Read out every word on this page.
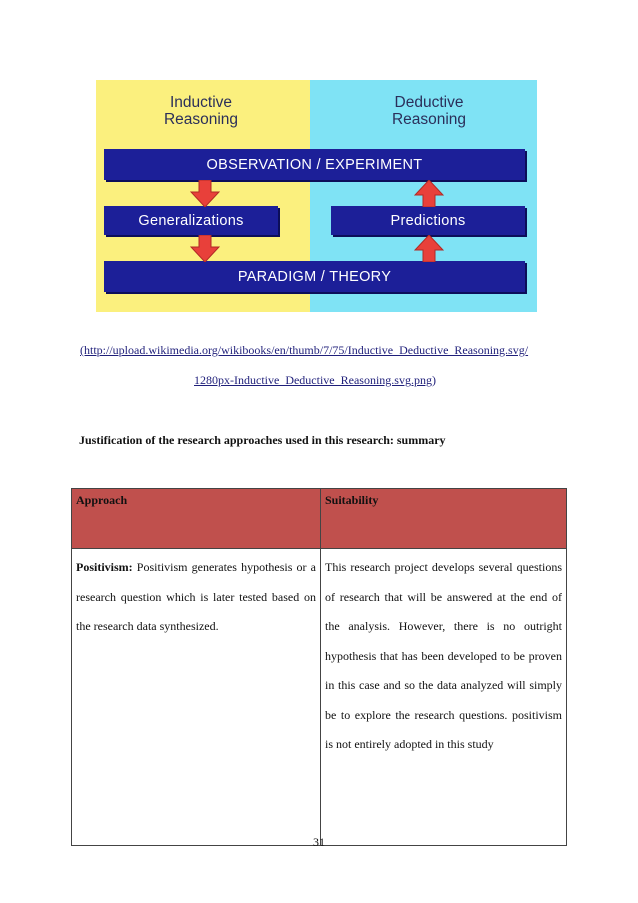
Inductive
Reasoning
Deductive
Reasoning
OBSERVATION / EXPERIMENT
Generalizations	Predictions
PARADIGM / THEORY
(http://upload.wikimedia.org/wikibooks/en/thumb/7/75/Inductive_Deductive_Reasoning.svg/
1280px-Inductive_Deductive_Reasoning.svg.png)
Justification of the research approaches used in this research: summary
Approach	Suitability
Positivism: Positivism generates hypothesis or a research question which is later tested based on the research data synthesized.	This research project develops several questions of research that will be answered at the end of the analysis. However, there is no outright hypothesis that has been developed to be proven in this case and so the data analyzed will simply be to explore the research questions. positivism is not entirely adopted in this study
31
